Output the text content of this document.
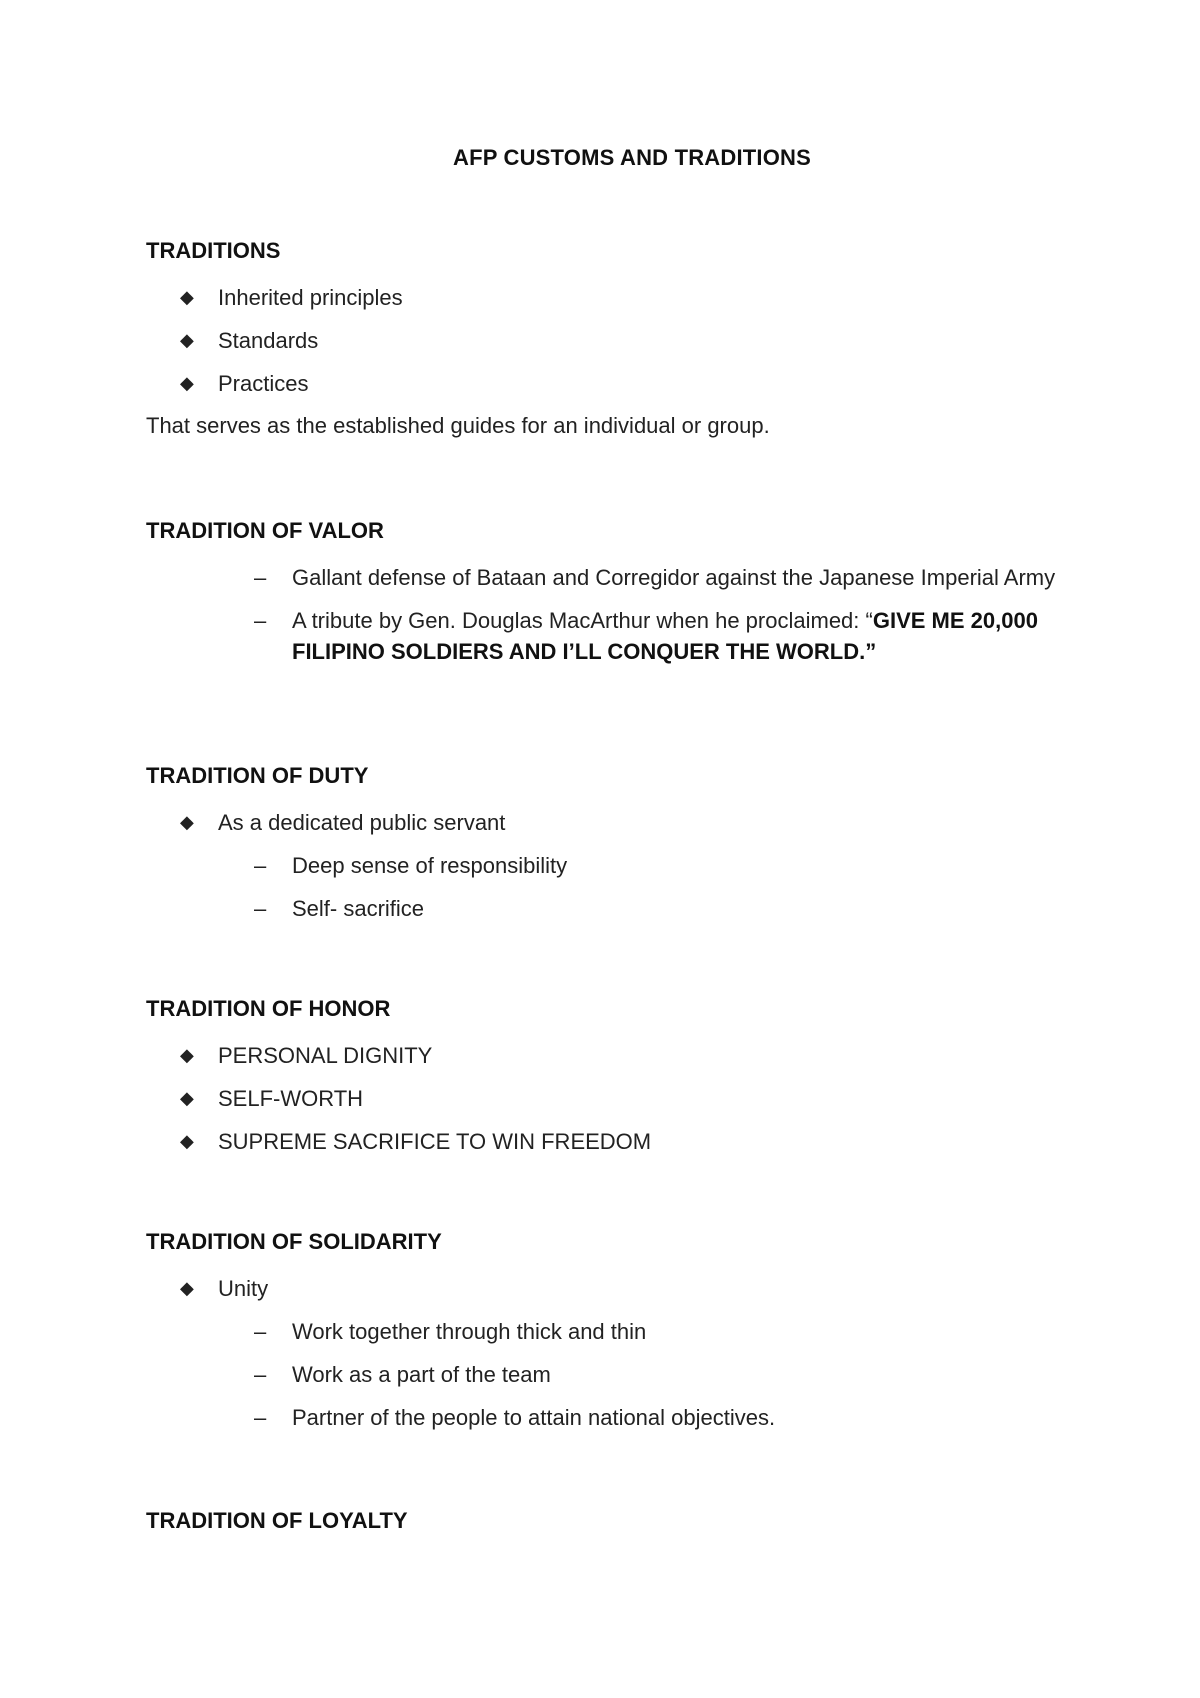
AFP CUSTOMS AND TRADITIONS

TRADITIONS

◆	Inherited principles
◆	Standards
◆	Practices

That serves as the established guides for an individual or group.

TRADITION OF VALOR

–	Gallant defense of Bataan and Corregidor against the Japanese Imperial Army
–	A tribute by Gen. Douglas MacArthur when he proclaimed: “GIVE ME 20,000 FILIPINO SOLDIERS AND I’LL CONQUER THE WORLD.”

TRADITION OF DUTY

◆	As a dedicated public servant
–	Deep sense of responsibility
–	Self- sacrifice

TRADITION OF HONOR

◆	PERSONAL DIGNITY
◆	SELF-WORTH
◆	SUPREME SACRIFICE TO WIN FREEDOM

TRADITION OF SOLIDARITY

◆	Unity
–	Work together through thick and thin
–	Work as a part of the team
–	Partner of the people to attain national objectives.

TRADITION OF LOYALTY
